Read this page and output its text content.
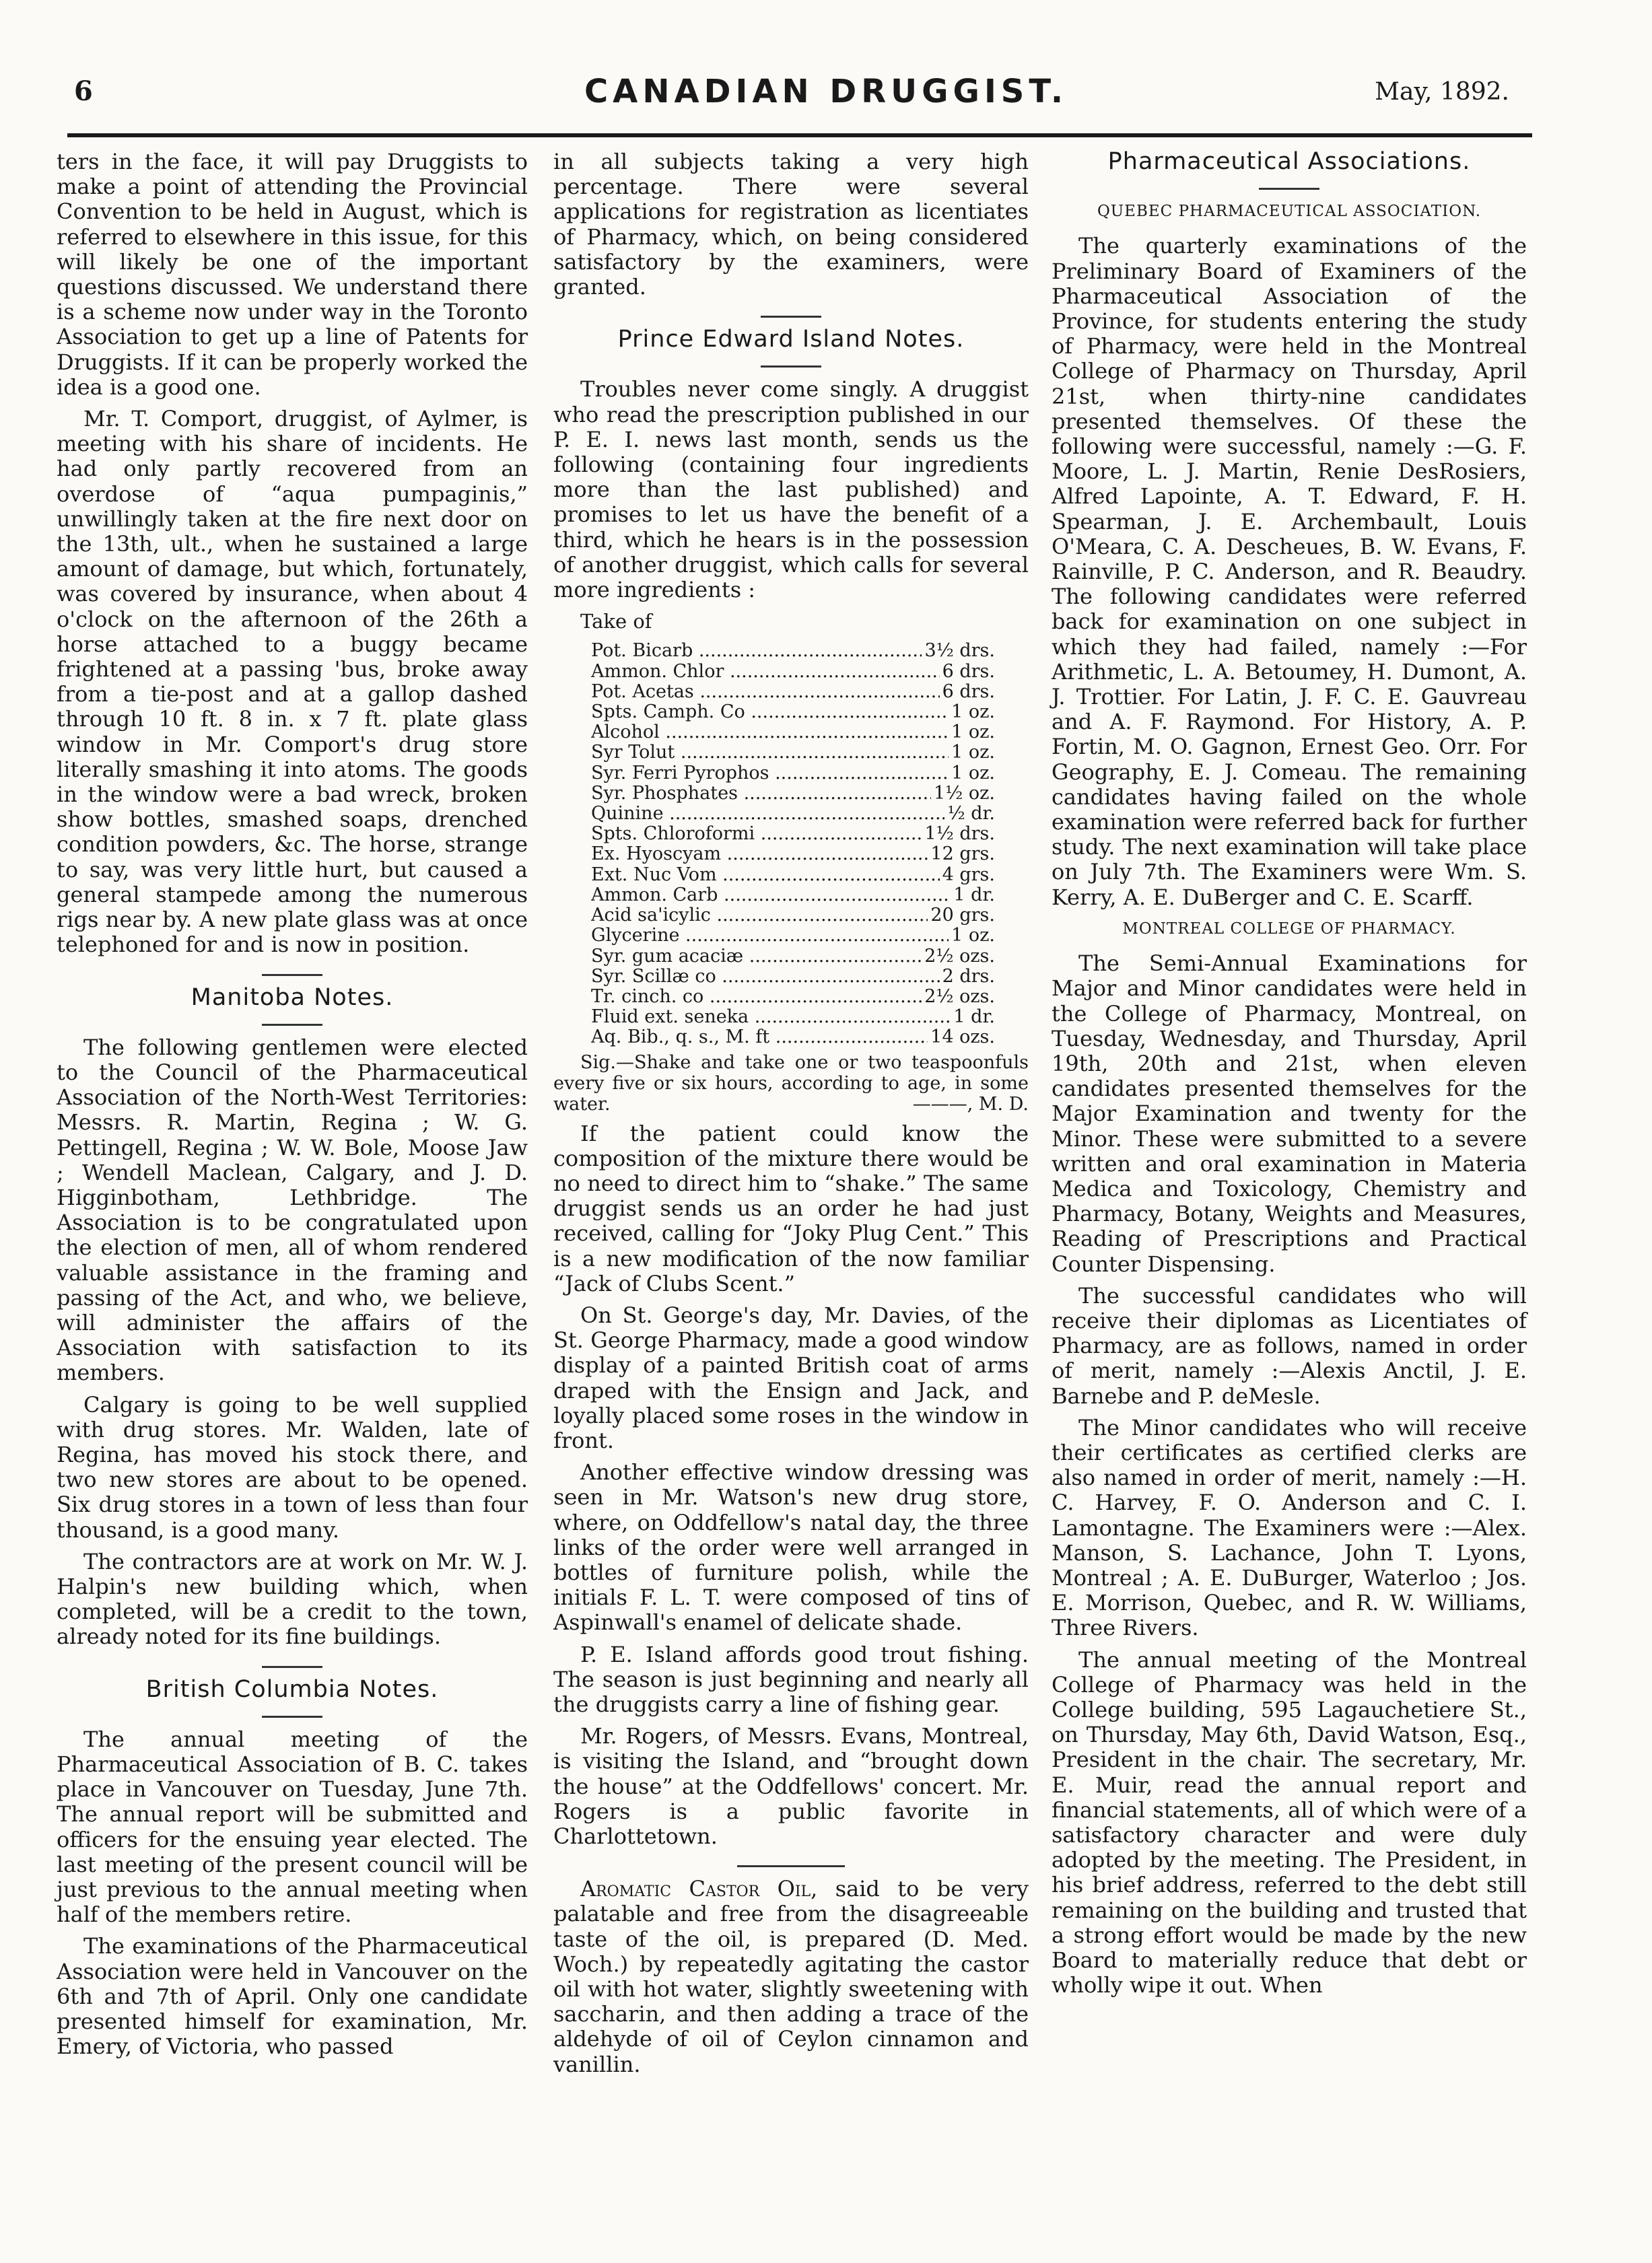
6	CANADIAN DRUGGIST.	May, 1892.

ters in the face, it will pay Druggists to make a point of attending the Provincial Convention to be held in August, which is referred to elsewhere in this issue, for this will likely be one of the important questions discussed. We understand there is a scheme now under way in the Toronto Association to get up a line of Patents for Druggists. If it can be properly worked the idea is a good one.

Mr. T. Comport, druggist, of Aylmer, is meeting with his share of incidents. He had only partly recovered from an overdose of “aqua pumpaginis,” unwillingly taken at the fire next door on the 13th, ult., when he sustained a large amount of damage, but which, fortunately, was covered by insurance, when about 4 o'clock on the afternoon of the 26th a horse attached to a buggy became frightened at a passing 'bus, broke away from a tie-post and at a gallop dashed through 10 ft. 8 in. x 7 ft. plate glass window in Mr. Comport's drug store literally smashing it into atoms. The goods in the window were a bad wreck, broken show bottles, smashed soaps, drenched condition powders, &c. The horse, strange to say, was very little hurt, but caused a general stampede among the numerous rigs near by. A new plate glass was at once telephoned for and is now in position.

Manitoba Notes.

The following gentlemen were elected to the Council of the Pharmaceutical Association of the North-West Territories: Messrs. R. Martin, Regina ; W. G. Pettingell, Regina ; W. W. Bole, Moose Jaw ; Wendell Maclean, Calgary, and J. D. Higginbotham, Lethbridge. The Association is to be congratulated upon the election of men, all of whom rendered valuable assistance in the framing and passing of the Act, and who, we believe, will administer the affairs of the Association with satisfaction to its members.

Calgary is going to be well supplied with drug stores. Mr. Walden, late of Regina, has moved his stock there, and two new stores are about to be opened. Six drug stores in a town of less than four thousand, is a good many.

The contractors are at work on Mr. W. J. Halpin's new building which, when completed, will be a credit to the town, already noted for its fine buildings.

British Columbia Notes.

The annual meeting of the Pharmaceutical Association of B. C. takes place in Vancouver on Tuesday, June 7th. The annual report will be submitted and officers for the ensuing year elected. The last meeting of the present council will be just previous to the annual meeting when half of the members retire.

The examinations of the Pharmaceutical Association were held in Vancouver on the 6th and 7th of April. Only one candidate presented himself for examination, Mr. Emery, of Victoria, who passed

in all subjects taking a very high percentage. There were several applications for registration as licentiates of Pharmacy, which, on being considered satisfactory by the examiners, were granted.

Prince Edward Island Notes.

Troubles never come singly. A druggist who read the prescription published in our P. E. I. news last month, sends us the following (containing four ingredients more than the last published) and promises to let us have the benefit of a third, which he hears is in the possession of another druggist, which calls for several more ingredients :

Take of

Pot. Bicarb .....	3½ drs.
Ammon. Chlor .....	6 drs.
Pot. Acetas .....	6 drs.
Spts. Camph. Co .....	1 oz.
Alcohol .....	1 oz.
Syr Tolut .....	1 oz.
Syr. Ferri Pyrophos .....	1 oz.
Syr. Phosphates .....	1½ oz.
Quinine .....	½ dr.
Spts. Chloroformi .....	1½ drs.
Ex. Hyoscyam .....	12 grs.
Ext. Nuc Vom .....	4 grs.
Ammon. Carb .....	1 dr.
Acid sa'icylic .....	20 grs.
Glycerine .....	1 oz.
Syr. gum acaciæ .....	2½ ozs.
Syr. Scillæ co .....	2 drs.
Tr. cinch. co .....	2½ ozs.
Fluid ext. seneka .....	1 dr.
Aq. Bib., q. s., M. ft .....	14 ozs.

Sig.—Shake and take one or two teaspoonfuls every five or six hours, according to age, in some water.	———, M. D.

If the patient could know the composition of the mixture there would be no need to direct him to “shake.” The same druggist sends us an order he had just received, calling for “Joky Plug Cent.” This is a new modification of the now familiar “Jack of Clubs Scent.”

On St. George's day, Mr. Davies, of the St. George Pharmacy, made a good window display of a painted British coat of arms draped with the Ensign and Jack, and loyally placed some roses in the window in front.

Another effective window dressing was seen in Mr. Watson's new drug store, where, on Oddfellow's natal day, the three links of the order were well arranged in bottles of furniture polish, while the initials F. L. T. were composed of tins of Aspinwall's enamel of delicate shade.

P. E. Island affords good trout fishing. The season is just beginning and nearly all the druggists carry a line of fishing gear.

Mr. Rogers, of Messrs. Evans, Montreal, is visiting the Island, and “brought down the house” at the Oddfellows' concert. Mr. Rogers is a public favorite in Charlottetown.

Aromatic Castor Oil, said to be very palatable and free from the disagreeable taste of the oil, is prepared (D. Med. Woch.) by repeatedly agitating the castor oil with hot water, slightly sweetening with saccharin, and then adding a trace of the aldehyde of oil of Ceylon cinnamon and vanillin.

Pharmaceutical Associations.
QUEBEC PHARMACEUTICAL ASSOCIATION.

The quarterly examinations of the Preliminary Board of Examiners of the Pharmaceutical Association of the Province, for students entering the study of Pharmacy, were held in the Montreal College of Pharmacy on Thursday, April 21st, when thirty-nine candidates presented themselves. Of these the following were successful, namely :—G. F. Moore, L. J. Martin, Renie DesRosiers, Alfred Lapointe, A. T. Edward, F. H. Spearman, J. E. Archembault, Louis O'Meara, C. A. Descheues, B. W. Evans, F. Rainville, P. C. Anderson, and R. Beaudry. The following candidates were referred back for examination on one subject in which they had failed, namely :—For Arithmetic, L. A. Betoumey, H. Dumont, A. J. Trottier. For Latin, J. F. C. E. Gauvreau and A. F. Raymond. For History, A. P. Fortin, M. O. Gagnon, Ernest Geo. Orr. For Geography, E. J. Comeau. The remaining candidates having failed on the whole examination were referred back for further study. The next examination will take place on July 7th. The Examiners were Wm. S. Kerry, A. E. DuBerger and C. E. Scarff.

MONTREAL COLLEGE OF PHARMACY.

The Semi-Annual Examinations for Major and Minor candidates were held in the College of Pharmacy, Montreal, on Tuesday, Wednesday, and Thursday, April 19th, 20th and 21st, when eleven candidates presented themselves for the Major Examination and twenty for the Minor. These were submitted to a severe written and oral examination in Materia Medica and Toxicology, Chemistry and Pharmacy, Botany, Weights and Measures, Reading of Prescriptions and Practical Counter Dispensing.

The successful candidates who will receive their diplomas as Licentiates of Pharmacy, are as follows, named in order of merit, namely :—Alexis Anctil, J. E. Barnebe and P. deMesle.

The Minor candidates who will receive their certificates as certified clerks are also named in order of merit, namely :—H. C. Harvey, F. O. Anderson and C. I. Lamontagne. The Examiners were :—Alex. Manson, S. Lachance, John T. Lyons, Montreal ; A. E. DuBurger, Waterloo ; Jos. E. Morrison, Quebec, and R. W. Williams, Three Rivers.

The annual meeting of the Montreal College of Pharmacy was held in the College building, 595 Lagauchetiere St., on Thursday, May 6th, David Watson, Esq., President in the chair. The secretary, Mr. E. Muir, read the annual report and financial statements, all of which were of a satisfactory character and were duly adopted by the meeting. The President, in his brief address, referred to the debt still remaining on the building and trusted that a strong effort would be made by the new Board to materially reduce that debt or wholly wipe it out. When
